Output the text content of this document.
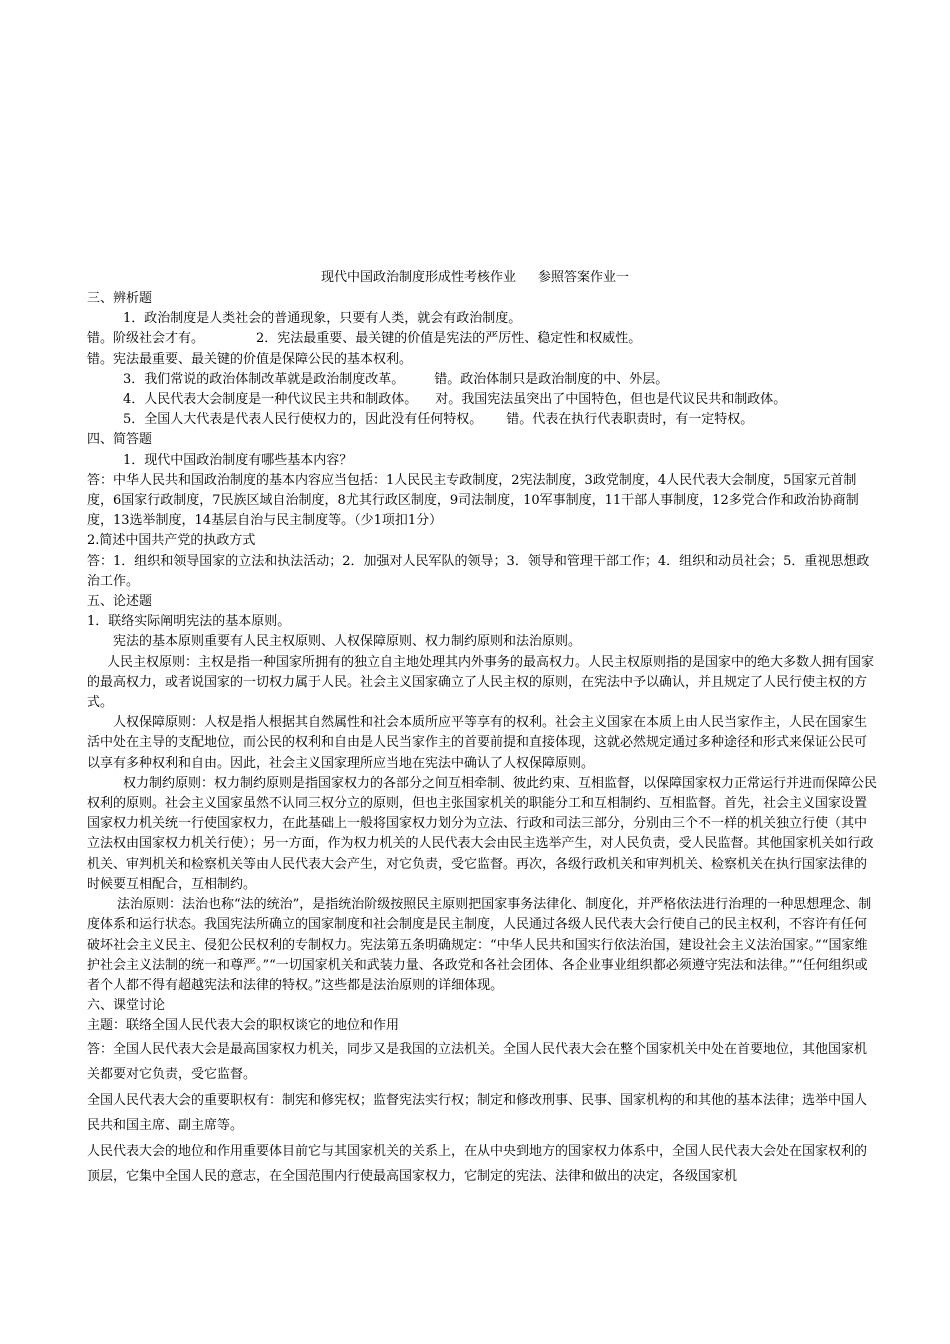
现代中国政治制度形成性考核作业 参照答案作业一

三、辨析题

1．政治制度是人类社会的普通现象，只要有人类，就会有政治制度。

错。阶级社会才有。	2．宪法最重要、最关键的价值是宪法的严厉性、稳定性和权威性。

错。宪法最重要、最关键的价值是保障公民的基本权利。

3．我们常说的政治体制改革就是政治制度改革。 错。政治体制只是政治制度的中、外层。

4．人民代表大会制度是一种代议民主共和制政体。 对。我国宪法虽突出了中国特色，但也是代议民共和制政体。

5．全国人大代表是代表人民行使权力的，因此没有任何特权。 错。代表在执行代表职责时，有一定特权。

四、简答题

1．现代中国政治制度有哪些基本内容？

答：中华人民共和国政治制度的基本内容应当包括：1人民民主专政制度，2宪法制度，3政党制度，4人民代表大会制度，5国家元首制度，6国家行政制度，7民族区域自治制度，8尤其行政区制度，9司法制度，10军事制度，11干部人事制度，12多党合作和政治协商制度，13选举制度，14基层自治与民主制度等。（少1项扣1分）

2.简述中国共产党的执政方式

答：1．组织和领导国家的立法和执法活动；2．加强对人民军队的领导；3．领导和管理干部工作；4．组织和动员社会；5．重视思想政治工作。

五、论述题

1．联络实际阐明宪法的基本原则。

宪法的基本原则重要有人民主权原则、人权保障原则、权力制约原则和法治原则。

人民主权原则：主权是指一种国家所拥有的独立自主地处理其内外事务的最高权力。人民主权原则指的是国家中的绝大多数人拥有国家的最高权力，或者说国家的一切权力属于人民。社会主义国家确立了人民主权的原则，在宪法中予以确认，并且规定了人民行使主权的方式。

人权保障原则：人权是指人根据其自然属性和社会本质所应平等享有的权利。社会主义国家在本质上由人民当家作主，人民在国家生活中处在主导的支配地位，而公民的权利和自由是人民当家作主的首要前提和直接体现，这就必然规定通过多种途径和形式来保证公民可以享有多种权利和自由。因此，社会主义国家理所应当地在宪法中确认了人权保障原则。

权力制约原则：权力制约原则是指国家权力的各部分之间互相牵制、彼此约束、互相监督，以保障国家权力正常运行并进而保障公民权利的原则。社会主义国家虽然不认同三权分立的原则，但也主张国家机关的职能分工和互相制约、互相监督。首先，社会主义国家设置国家权力机关统一行使国家权力，在此基础上一般将国家权力划分为立法、行政和司法三部分，分别由三个不一样的机关独立行使（其中立法权由国家权力机关行使）；另一方面，作为权力机关的人民代表大会由民主选举产生，对人民负责，受人民监督。其他国家机关如行政机关、审判机关和检察机关等由人民代表大会产生，对它负责，受它监督。再次，各级行政机关和审判机关、检察机关在执行国家法律的时候要互相配合，互相制约。

法治原则：法治也称“法的统治”，是指统治阶级按照民主原则把国家事务法律化、制度化，并严格依法进行治理的一种思想理念、制度体系和运行状态。我国宪法所确立的国家制度和社会制度是民主制度，人民通过各级人民代表大会行使自己的民主权利，不容许有任何破坏社会主义民主、侵犯公民权利的专制权力。宪法第五条明确规定：“中华人民共和国实行依法治国，建设社会主义法治国家。”“国家维护社会主义法制的统一和尊严。”“一切国家机关和武装力量、各政党和各社会团体、各企业事业组织都必须遵守宪法和法律。”“任何组织或者个人都不得有超越宪法和法律的特权。”这些都是法治原则的详细体现。

六、课堂讨论

主题：联络全国人民代表大会的职权谈它的地位和作用

答：全国人民代表大会是最高国家权力机关，同步又是我国的立法机关。全国人民代表大会在整个国家机关中处在首要地位，其他国家机关都要对它负责，受它监督。

全国人民代表大会的重要职权有：制宪和修宪权；监督宪法实行权；制定和修改刑事、民事、国家机构的和其他的基本法律；选举中国人民共和国主席、副主席等。

人民代表大会的地位和作用重要体目前它与其国家机关的关系上，在从中央到地方的国家权力体系中，全国人民代表大会处在国家权利的顶层，它集中全国人民的意志，在全国范围内行使最高国家权力，它制定的宪法、法律和做出的决定，各级国家机
